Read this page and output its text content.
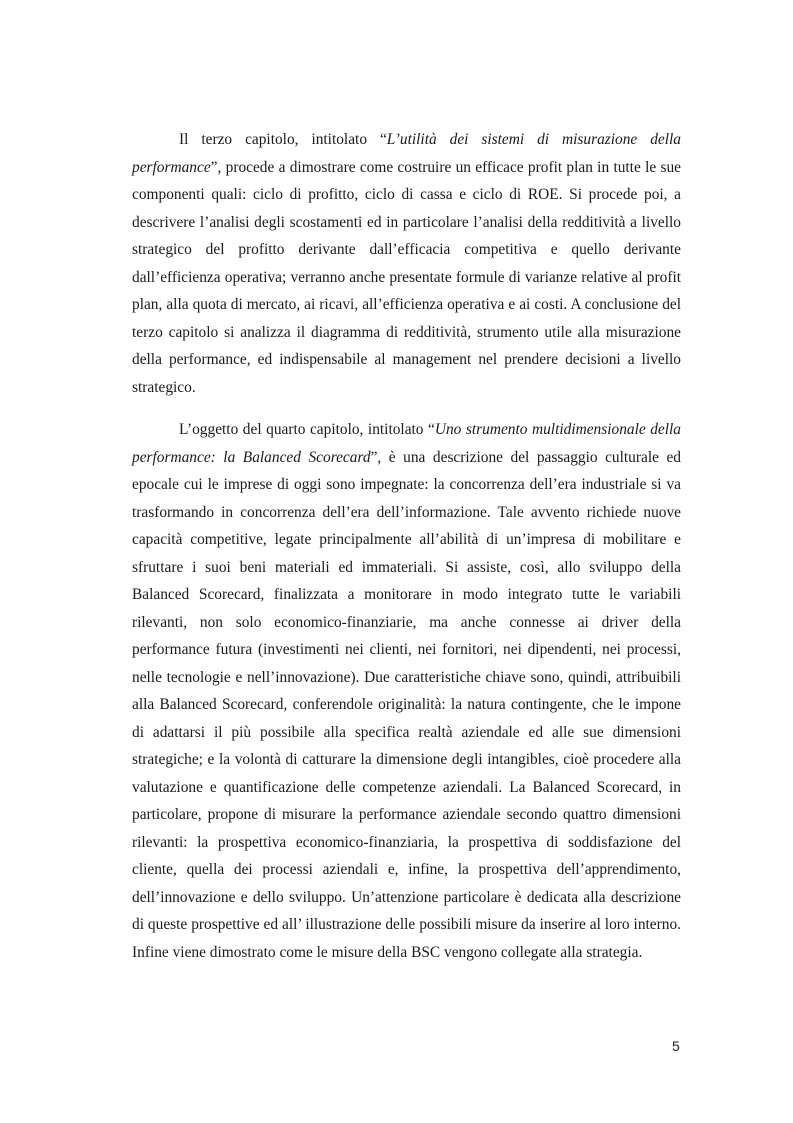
Il terzo capitolo, intitolato “L’utilità dei sistemi di misurazione della performance”, procede a dimostrare come costruire un efficace profit plan in tutte le sue componenti quali: ciclo di profitto, ciclo di cassa e ciclo di ROE. Si procede poi, a descrivere l’analisi degli scostamenti ed in particolare l’analisi della redditività a livello strategico del profitto derivante dall’efficacia competitiva e quello derivante dall’efficienza operativa; verranno anche presentate formule di varianze relative al profit plan, alla quota di mercato, ai ricavi, all’efficienza operativa e ai costi. A conclusione del terzo capitolo si analizza il diagramma di redditività, strumento utile alla misurazione della performance, ed indispensabile al management nel prendere decisioni a livello strategico.

L’oggetto del quarto capitolo, intitolato “Uno strumento multidimensionale della performance: la Balanced Scorecard”, è una descrizione del passaggio culturale ed epocale cui le imprese di oggi sono impegnate: la concorrenza dell’era industriale si va trasformando in concorrenza dell’era dell’informazione. Tale avvento richiede nuove capacità competitive, legate principalmente all’abilità di un’impresa di mobilitare e sfruttare i suoi beni materiali ed immateriali. Si assiste, così, allo sviluppo della Balanced Scorecard, finalizzata a monitorare in modo integrato tutte le variabili rilevanti, non solo economico-finanziarie, ma anche connesse ai driver della performance futura (investimenti nei clienti, nei fornitori, nei dipendenti, nei processi, nelle tecnologie e nell’innovazione). Due caratteristiche chiave sono, quindi, attribuibili alla Balanced Scorecard, conferendole originalità: la natura contingente, che le impone di adattarsi il più possibile alla specifica realtà aziendale ed alle sue dimensioni strategiche; e la volontà di catturare la dimensione degli intangibles, cioè procedere alla valutazione e quantificazione delle competenze aziendali. La Balanced Scorecard, in particolare, propone di misurare la performance aziendale secondo quattro dimensioni rilevanti: la prospettiva economico-finanziaria, la prospettiva di soddisfazione del cliente, quella dei processi aziendali e, infine, la prospettiva dell’apprendimento, dell’innovazione e dello sviluppo. Un’attenzione particolare è dedicata alla descrizione di queste prospettive ed all’ illustrazione delle possibili misure da inserire al loro interno. Infine viene dimostrato come le misure della BSC vengono collegate alla strategia.

5
